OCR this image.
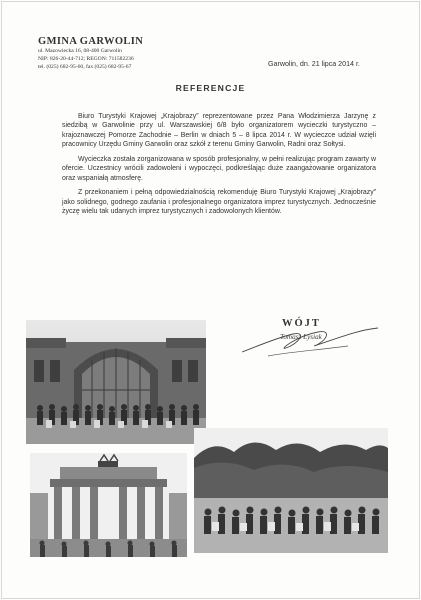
GMINA GARWOLIN
ul. Mazowiecka 16, 08-400 Garwolin
NIP: 826-20-44-712; REGON: 711582236
tel. (025) 682-95-60, fax (025) 682-95-67	Garwolin, dn. 21 lipca 2014 r.
REFERENCJE

Biuro Turystyki Krajowej „Krajobrazy” reprezentowane przez Pana Włodzimierza Jarzynę z siedzibą w Garwolinie przy ul. Warszawskiej 6/8 było organizatorem wycieczki turystyczno – krajoznawczej Pomorze Zachodnie – Berlin w dniach 5 – 8 lipca 2014 r. W wycieczce udział wzięli pracownicy Urzędu Gminy Garwolin oraz szkół z terenu Gminy Garwolin, Radni oraz Sołtysi.

Wycieczka została zorganizowana w sposób profesjonalny, w pełni realizując program zawarty w ofercie. Uczestnicy wrócili zadowoleni i wypoczęci, podkreślając duże zaangażowanie organizatora oraz wspaniałą atmosferę.

Z przekonaniem i pełną odpowiedzialnością rekomenduję Biuro Turystyki Krajowej „Krajobrazy” jako solidnego, godnego zaufania i profesjonalnego organizatora imprez turystycznych. Jednocześnie życzę wielu tak udanych imprez turystycznych i zadowolonych klientów.

WÓJT
Tomasz Łysiak
